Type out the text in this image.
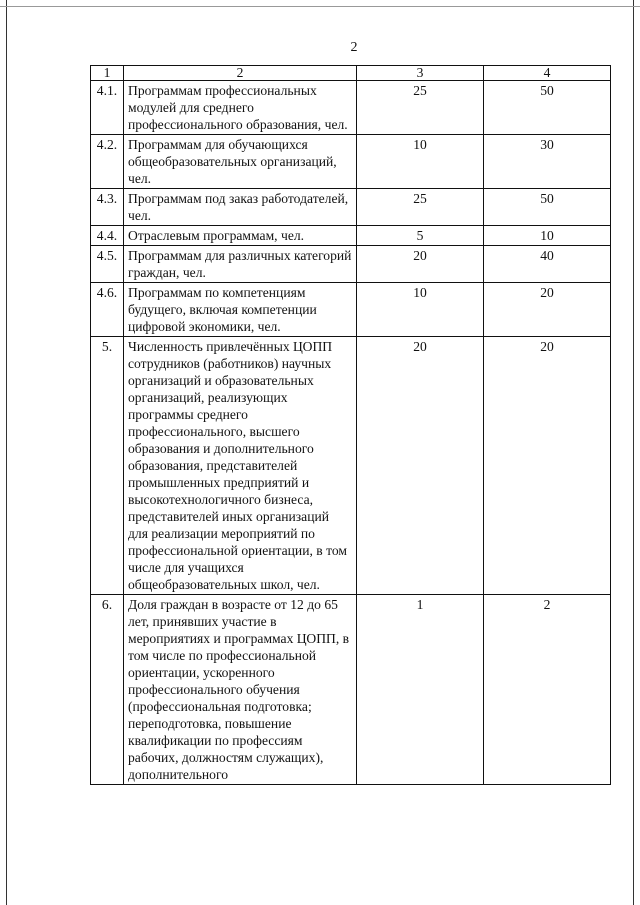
2
1	2	3	4
4.1.	Программам профессиональных модулей для среднего профессионального образования, чел.	25	50
4.2.	Программам для обучающихся общеобразовательных организаций, чел.	10	30
4.3.	Программам под заказ работодателей, чел.	25	50
4.4.	Отраслевым программам, чел.	5	10
4.5.	Программам для различных категорий граждан, чел.	20	40
4.6.	Программам по компетенциям будущего, включая компетенции цифровой экономики, чел.	10	20
5.	Численность привлечённых ЦОПП сотрудников (работников) научных организаций и образовательных организаций, реализующих программы среднего профессионального, высшего образования и дополнительного образования, представителей промышленных предприятий и высокотехнологичного бизнеса, представителей иных организаций для реализации мероприятий по профессиональной ориентации, в том числе для учащихся общеобразовательных школ, чел.	20	20
6.	Доля граждан в возрасте от 12 до 65 лет, принявших участие в мероприятиях и программах ЦОПП, в том числе по профессиональной ориентации, ускоренного профессионального обучения (профессиональная подготовка; переподготовка, повышение квалификации по профессиям рабочих, должностям служащих), дополнительного	1	2
